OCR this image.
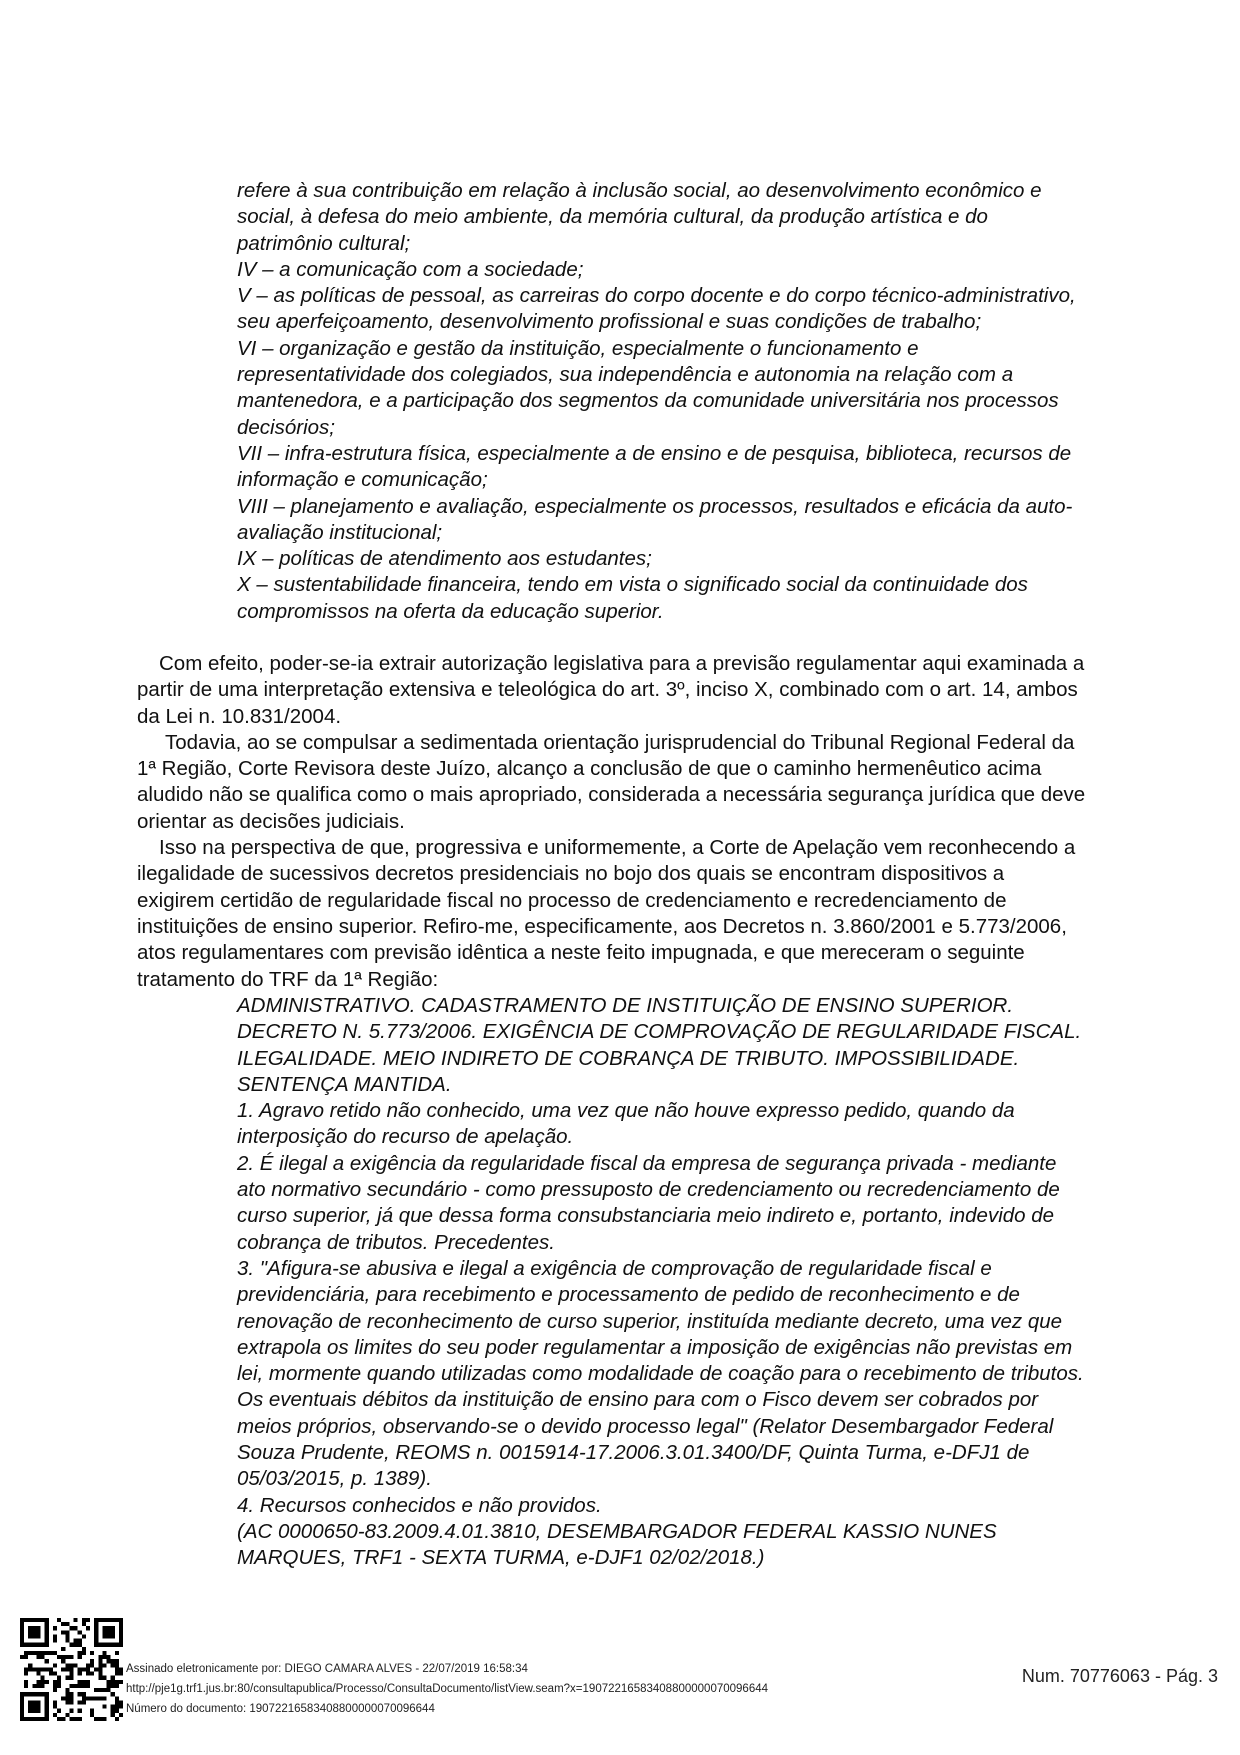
refere à sua contribuição em relação à inclusão social, ao desenvolvimento econômico e social, à defesa do meio ambiente, da memória cultural, da produção artística e do patrimônio cultural;

IV – a comunicação com a sociedade;

V – as políticas de pessoal, as carreiras do corpo docente e do corpo técnico-administrativo, seu aperfeiçoamento, desenvolvimento profissional e suas condições de trabalho;

VI – organização e gestão da instituição, especialmente o funcionamento e representatividade dos colegiados, sua independência e autonomia na relação com a mantenedora, e a participação dos segmentos da comunidade universitária nos processos decisórios;

VII – infra-estrutura física, especialmente a de ensino e de pesquisa, biblioteca, recursos de informação e comunicação;

VIII – planejamento e avaliação, especialmente os processos, resultados e eficácia da auto-avaliação institucional;

IX – políticas de atendimento aos estudantes;

X – sustentabilidade financeira, tendo em vista o significado social da continuidade dos compromissos na oferta da educação superior.

Com efeito, poder-se-ia extrair autorização legislativa para a previsão regulamentar aqui examinada a partir de uma interpretação extensiva e teleológica do art. 3º, inciso X, combinado com o art. 14, ambos da Lei n. 10.831/2004.

Todavia, ao se compulsar a sedimentada orientação jurisprudencial do Tribunal Regional Federal da 1ª Região, Corte Revisora deste Juízo, alcanço a conclusão de que o caminho hermenêutico acima aludido não se qualifica como o mais apropriado, considerada a necessária segurança jurídica que deve orientar as decisões judiciais.

Isso na perspectiva de que, progressiva e uniformemente, a Corte de Apelação vem reconhecendo a ilegalidade de sucessivos decretos presidenciais no bojo dos quais se encontram dispositivos a exigirem certidão de regularidade fiscal no processo de credenciamento e recredenciamento de instituições de ensino superior. Refiro-me, especificamente, aos Decretos n. 3.860/2001 e 5.773/2006, atos regulamentares com previsão idêntica a neste feito impugnada, e que mereceram o seguinte tratamento do TRF da 1ª Região:

ADMINISTRATIVO. CADASTRAMENTO DE INSTITUIÇÃO DE ENSINO SUPERIOR. DECRETO N. 5.773/2006. EXIGÊNCIA DE COMPROVAÇÃO DE REGULARIDADE FISCAL. ILEGALIDADE. MEIO INDIRETO DE COBRANÇA DE TRIBUTO. IMPOSSIBILIDADE. SENTENÇA MANTIDA.

1. Agravo retido não conhecido, uma vez que não houve expresso pedido, quando da interposição do recurso de apelação.

2. É ilegal a exigência da regularidade fiscal da empresa de segurança privada - mediante ato normativo secundário - como pressuposto de credenciamento ou recredenciamento de curso superior, já que dessa forma consubstanciaria meio indireto e, portanto, indevido de cobrança de tributos. Precedentes.

3. "Afigura-se abusiva e ilegal a exigência de comprovação de regularidade fiscal e previdenciária, para recebimento e processamento de pedido de reconhecimento e de renovação de reconhecimento de curso superior, instituída mediante decreto, uma vez que extrapola os limites do seu poder regulamentar a imposição de exigências não previstas em lei, mormente quando utilizadas como modalidade de coação para o recebimento de tributos. Os eventuais débitos da instituição de ensino para com o Fisco devem ser cobrados por meios próprios, observando-se o devido processo legal" (Relator Desembargador Federal Souza Prudente, REOMS n. 0015914-17.2006.3.01.3400/DF, Quinta Turma, e-DFJ1 de 05/03/2015, p. 1389).

4. Recursos conhecidos e não providos.

(AC 0000650-83.2009.4.01.3810, DESEMBARGADOR FEDERAL KASSIO NUNES MARQUES, TRF1 - SEXTA TURMA, e-DJF1 02/02/2018.)

Assinado eletronicamente por: DIEGO CAMARA ALVES - 22/07/2019 16:58:34
http://pje1g.trf1.jus.br:80/consultapublica/Processo/ConsultaDocumento/listView.seam?x=19072216583408800000070096644
Número do documento: 19072216583408800000070096644
Num. 70776063 - Pág. 3
